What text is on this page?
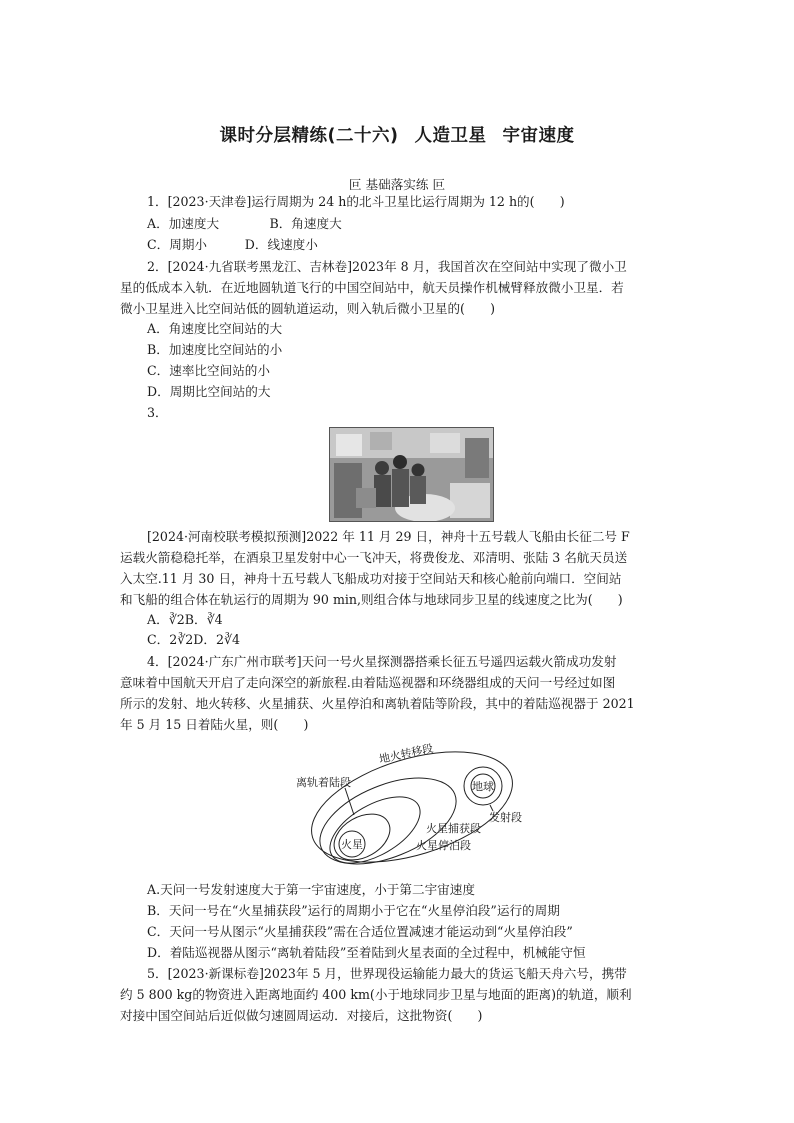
课时分层精练(二十六) 人造卫星 宇宙速度
叵 基础落实练 叵
1．[2023·天津卷]运行周期为 24 h的北斗卫星比运行周期为 12 h的(　　)
A．加速度大　　　　B．角速度大
C．周期小　　　D．线速度小
2．[2024·九省联考黑龙江、吉林卷]2023年 8 月，我国首次在空间站中实现了微小卫
星的低成本入轨．在近地圆轨道飞行的中国空间站中，航天员操作机械臂释放微小卫星．若
微小卫星进入比空间站低的圆轨道运动，则入轨后微小卫星的(　　)
A．角速度比空间站的大
B．加速度比空间站的小
C．速率比空间站的小
D．周期比空间站的大
3．
[2024·河南校联考模拟预测]2022 年 11 月 29 日，神舟十五号载人飞船由长征二号 F
运载火箭稳稳托举，在酒泉卫星发射中心一飞冲天，将费俊龙、邓清明、张陆 3 名航天员送
入太空.11 月 30 日，神舟十五号载人飞船成功对接于空间站天和核心舱前向端口．空间站
和飞船的组合体在轨运行的周期为 90 min,则组合体与地球同步卫星的线速度之比为(　　)
A．∛2B．∛4
C．2∛2D．2∛4
4．[2024·广东广州市联考]天问一号火星探测器搭乘长征五号遥四运载火箭成功发射
意味着中国航天开启了走向深空的新旅程.由着陆巡视器和环绕器组成的天问一号经过如图
所示的发射、地火转移、火星捕获、火星停泊和离轨着陆等阶段，其中的着陆巡视器于 2021
年 5 月 15 日着陆火星，则(　　)
地火转移段
离轨着陆段	地球
发射段
火星捕获段
火星	火星停泊段
A.天问一号发射速度大于第一宇宙速度，小于第二宇宙速度
B．天问一号在“火星捕获段”运行的周期小于它在“火星停泊段”运行的周期
C．天问一号从图示“火星捕获段”需在合适位置减速才能运动到“火星停泊段”
D．着陆巡视器从图示“离轨着陆段”至着陆到火星表面的全过程中，机械能守恒
5．[2023·新课标卷]2023年 5 月，世界现役运输能力最大的货运飞船天舟六号，携带
约 5 800 kg的物资进入距离地面约 400 km(小于地球同步卫星与地面的距离)的轨道，顺利
对接中国空间站后近似做匀速圆周运动．对接后，这批物资(　　)
